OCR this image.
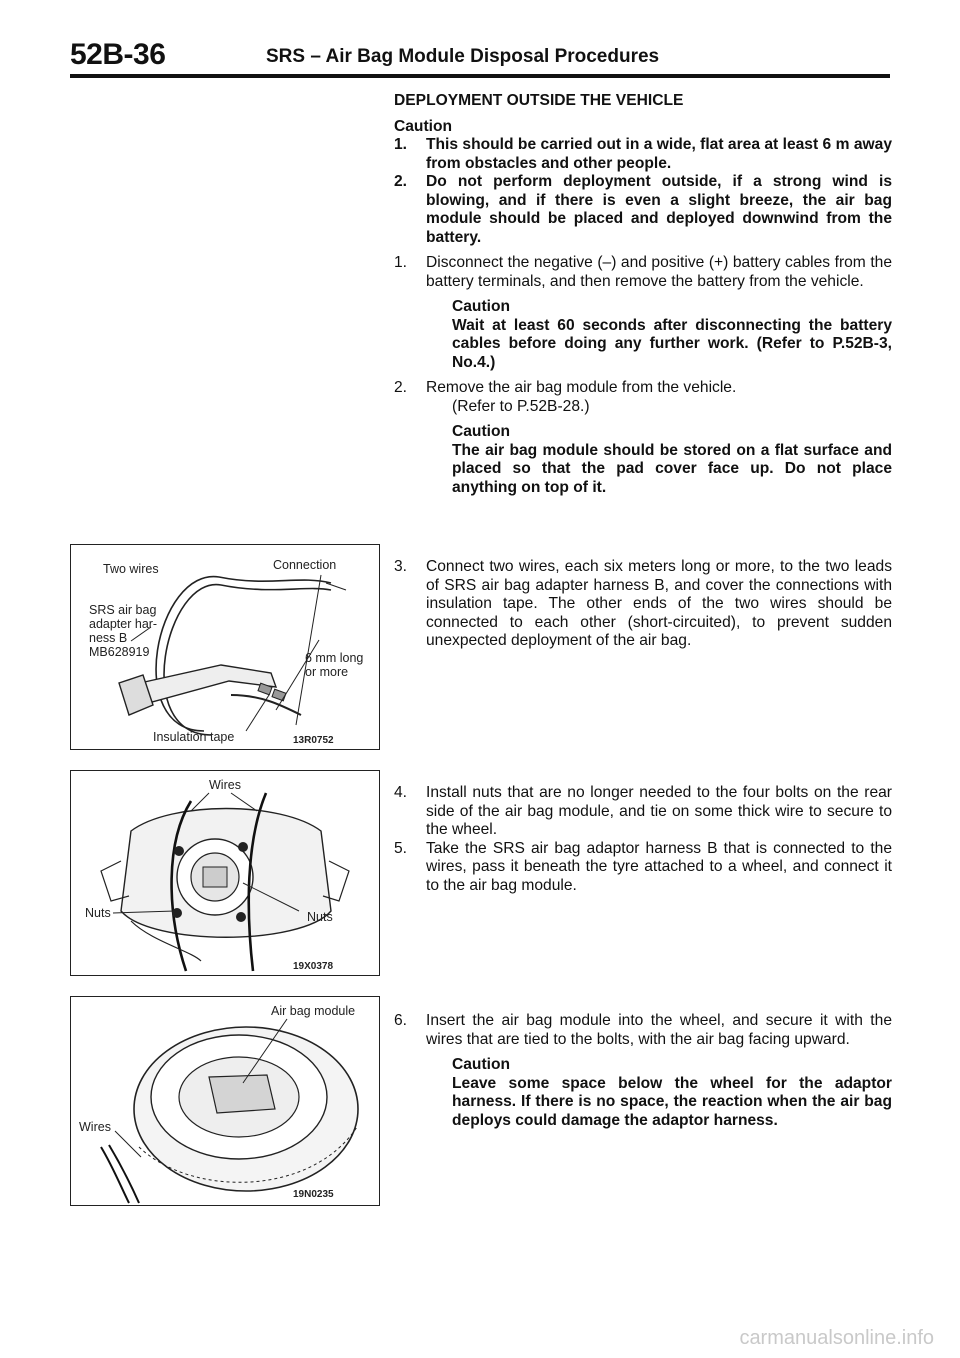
52B-36	SRS – Air Bag Module Disposal Procedures

DEPLOYMENT OUTSIDE THE VEHICLE

Caution

1. This should be carried out in a wide, flat area at least 6 m away from obstacles and other people.

2. Do not perform deployment outside, if a strong wind is blowing, and if there is even a slight breeze, the air bag module should be placed and deployed downwind from the battery.

1. Disconnect the negative (–) and positive (+) battery cables from the battery terminals, and then remove the battery from the vehicle.

Caution
Wait at least 60 seconds after disconnecting the battery cables before doing any further work. (Refer to P.52B-3, No.4.)

2. Remove the air bag module from the vehicle.

(Refer to P.52B-28.)

Caution
The air bag module should be stored on a flat surface and placed so that the pad cover face up. Do not place anything on top of it.

3. Connect two wires, each six meters long or more, to the two leads of SRS air bag adapter harness B, and cover the connections with insulation tape. The other ends of the two wires should be connected to each other (short-circuited), to prevent sudden unexpected deployment of the air bag.

4. Install nuts that are no longer needed to the four bolts on the rear side of the air bag module, and tie on some thick wire to secure to the wheel.

5. Take the SRS air bag adaptor harness B that is connected to the wires, pass it beneath the tyre attached to a wheel, and connect it to the air bag module.

6. Insert the air bag module into the wheel, and secure it with the wires that are tied to the bolts, with the air bag facing upward.

Caution
Leave some space below the wheel for the adaptor harness. If there is no space, the reaction when the air bag deploys could damage the adaptor harness.
Two wires	Connection
SRS air bag
adapter har-
ness B
MB628919	6 mm long
or more
Insulation tape	13R0752
Wires
Nuts	Nuts
19X0378
Air bag module
Wires
19N0235
carmanualsonline.info
